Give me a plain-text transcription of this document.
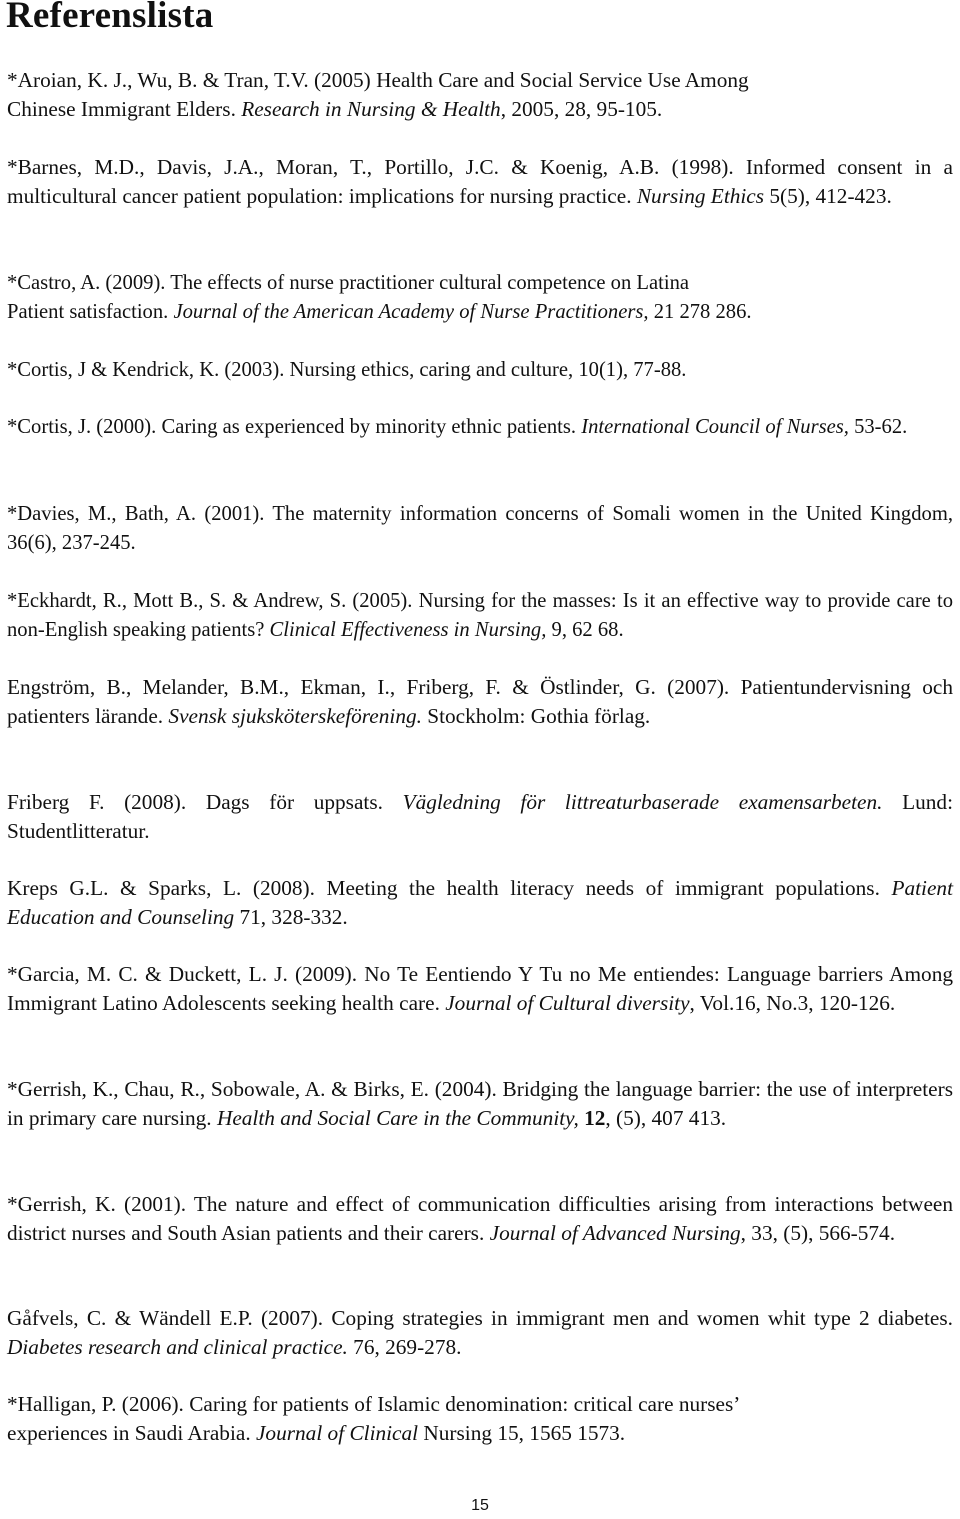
Referenslista
*Aroian, K. J., Wu, B. & Tran, T.V. (2005) Health Care and Social Service Use Among
Chinese Immigrant Elders. Research in Nursing & Health, 2005, 28, 95-105.
*Barnes, M.D., Davis, J.A., Moran, T., Portillo, J.C. & Koenig, A.B. (1998). Informed consent in a multicultural cancer patient population: implications for nursing practice. Nursing Ethics 5(5), 412-423.
*Castro, A. (2009). The effects of nurse practitioner cultural competence on Latina
Patient satisfaction. Journal of the American Academy of Nurse Practitioners, 21 278 286.
*Cortis, J & Kendrick, K. (2003). Nursing ethics, caring and culture, 10(1), 77-88.
*Cortis, J. (2000). Caring as experienced by minority ethnic patients. International Council of Nurses, 53-62.
*Davies, M., Bath, A. (2001). The maternity information concerns of Somali women in the United Kingdom, 36(6), 237-245.
*Eckhardt, R., Mott B., S. & Andrew, S. (2005). Nursing for the masses: Is it an effective way to provide care to non-English speaking patients? Clinical Effectiveness in Nursing, 9, 62 68.
Engström, B., Melander, B.M., Ekman, I., Friberg, F. & Östlinder, G. (2007). Patientundervisning och patienters lärande. Svensk sjuksköterskeförening. Stockholm: Gothia förlag.
Friberg F. (2008). Dags för uppsats. Vägledning för littreaturbaserade examensarbeten. Lund: Studentlitteratur.
Kreps G.L. & Sparks, L. (2008). Meeting the health literacy needs of immigrant populations. Patient Education and Counseling 71, 328-332.
*Garcia, M. C. & Duckett, L. J. (2009). No Te Eentiendo Y Tu no Me entiendes: Language barriers Among Immigrant Latino Adolescents seeking health care. Journal of Cultural diversity, Vol.16, No.3, 120-126.
*Gerrish, K., Chau, R., Sobowale, A. & Birks, E. (2004). Bridging the language barrier: the use of interpreters in primary care nursing. Health and Social Care in the Community, 12, (5), 407 413.
*Gerrish, K. (2001). The nature and effect of communication difficulties arising from interactions between district nurses and South Asian patients and their carers. Journal of Advanced Nursing, 33, (5), 566-574.
Gåfvels, C. & Wändell E.P. (2007). Coping strategies in immigrant men and women whit type 2 diabetes. Diabetes research and clinical practice. 76, 269-278.
*Halligan, P. (2006). Caring for patients of Islamic denomination: critical care nurses’
experiences in Saudi Arabia. Journal of Clinical Nursing 15, 1565 1573.
15
